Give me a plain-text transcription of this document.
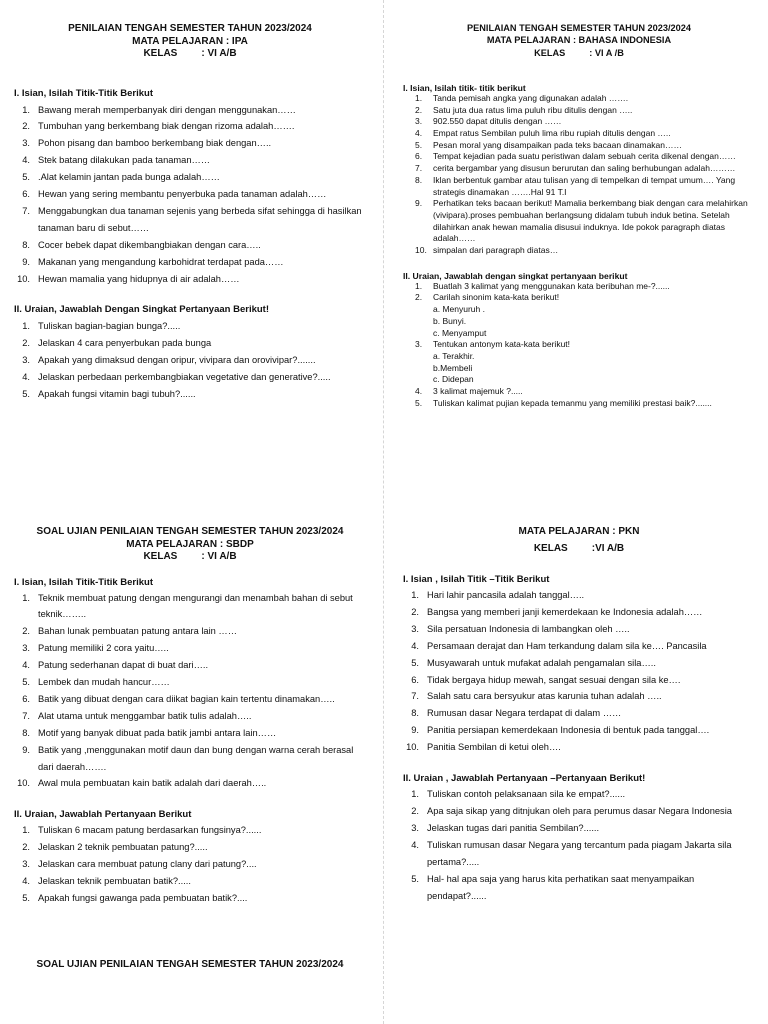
PENILAIAN TENGAH SEMESTER TAHUN 2023/2024
MATA PELAJARAN : IPA
KELAS : VI A/B

I. Isian, Isilah Titik-Titik Berikut

1. Bawang merah memperbanyak diri dengan menggunakan……
2. Tumbuhan yang berkembang biak dengan rizoma adalah…….
3. Pohon pisang dan bamboo berkembang biak dengan…..
4. Stek batang dilakukan pada tanaman……
5. .Alat kelamin jantan pada bunga adalah……
6. Hewan yang sering membantu penyerbuka pada tanaman adalah……
7. Menggabungkan dua tanaman sejenis yang berbeda sifat sehingga di hasilkan tanaman baru di sebut……
8. Cocer bebek dapat dikembangbiakan dengan cara…..
9. Makanan yang mengandung karbohidrat terdapat pada……
10. Hewan mamalia yang hidupnya di air adalah……

II. Uraian, Jawablah Dengan Singkat Pertanyaan Berikut!

1. Tuliskan bagian-bagian bunga?.....
2. Jelaskan 4 cara penyerbukan pada bunga
3. Apakah yang dimaksud dengan oripur, vivipara dan orovivipar?.......
4. Jelaskan perbedaan perkembangbiakan vegetative dan generative?.....
5. Apakah fungsi vitamin bagi tubuh?......
PENILAIAN TENGAH SEMESTER TAHUN 2023/2024
MATA PELAJARAN : BAHASA INDONESIA
KELAS	: VI A /B

I. Isian, Isilah titik- titik berikut

1. Tanda pemisah angka yang digunakan adalah …….
2. Satu juta dua ratus lima puluh ribu ditulis dengan …..
3. 902.550 dapat ditulis dengan ……
4. Empat ratus Sembilan puluh lima ribu rupiah ditulis dengan …..
5. Pesan moral yang disampaikan pada teks bacaan dinamakan……
6. Tempat kejadian pada suatu peristiwan dalam sebuah cerita dikenal dengan……
7. cerita bergambar yang disusun berurutan dan saling berhubungan adalah………
8. Iklan berbentuk gambar atau tulisan yang di tempelkan di tempat umum…. Yang strategis dinamakan …….Hal 91 T.I
9. Perhatikan teks bacaan berikut! Mamalia berkembang biak dengan cara melahirkan (vivipara).proses pembuahan berlangsung didalam tubuh induk betina. Setelah dilahirkan anak hewan mamalia disusui induknya. Ide pokok paragraph diatas adalah……
10. simpalan dari paragraph diatas…

II. Uraian, Jawablah dengan singkat pertanyaan berikut

1. Buatlah 3 kalimat yang menggunakan kata beribuhan me-?......
2. Carilah sinonim kata-kata berikut!
a. Menyuruh .
b. Bunyi.
c. Menyamput
3. Tentukan antonym kata-kata berikut!
a. Terakhir.
b.Membeli
c. Didepan
4. 3 kalimat majemuk ?.....
5. Tuliskan kalimat pujian kepada temanmu yang memiliki prestasi baik?.......
SOAL UJIAN PENILAIAN TENGAH SEMESTER TAHUN 2023/2024
MATA PELAJARAN : SBDP
KELAS : VI A/B

I. Isian, Isilah Titik-Titik Berikut

1. Teknik membuat patung dengan mengurangi dan menambah bahan di sebut teknik……..
2. Bahan lunak pembuatan patung antara lain ……
3. Patung memiliki 2 cora yaitu…..
4. Patung sederhanan dapat di buat dari…..
5. Lembek dan mudah hancur……
6. Batik yang dibuat dengan cara diikat bagian kain tertentu dinamakan…..
7. Alat utama untuk menggambar batik tulis adalah…..
8. Motif yang banyak dibuat pada batik jambi antara lain……
9. Batik yang ,menggunakan motif daun dan bung dengan warna cerah berasal dari daerah…….
10. Awal mula pembuatan kain batik adalah dari daerah…..

II. Uraian, Jawablah Pertanyaan Berikut

1. Tuliskan 6 macam patung berdasarkan fungsinya?......
2. Jelaskan 2 teknik pembuatan patung?.....
3. Jelaskan cara membuat patung clany dari patung?....
4. Jelaskan teknik pembuatan batik?.....
5. Apakah fungsi gawanga pada pembuatan batik?....
MATA PELAJARAN : PKN
KELAS :VI A/B

I. Isian , Isilah Titik –Titik Berikut

1. Hari lahir pancasila adalah tanggal…..
2. Bangsa yang memberi janji kemerdekaan ke Indonesia adalah……
3. Sila persatuan Indonesia di lambangkan oleh …..
4. Persamaan derajat dan Ham terkandung dalam sila ke…. Pancasila
5. Musyawarah untuk mufakat adalah pengamalan sila…..
6. Tidak bergaya hidup mewah, sangat sesuai dengan sila ke….
7. Salah satu cara bersyukur atas karunia tuhan adalah …..
8. Rumusan dasar Negara terdapat di dalam ……
9. Panitia persiapan kemerdekaan Indonesia di bentuk pada tanggal….
10. Panitia Sembilan di ketui oleh….

II. Uraian , Jawablah Pertanyaan –Pertanyaan Berikut!

1. Tuliskan contoh pelaksanaan sila ke empat?......
2. Apa saja sikap yang ditnjukan oleh para perumus dasar Negara Indonesia
3. Jelaskan tugas dari panitia Sembilan?......
4. Tuliskan rumusan dasar Negara yang tercantum pada piagam Jakarta sila pertama?.....
5. Hal- hal apa saja yang harus kita perhatikan saat menyampaikan pendapat?......
SOAL UJIAN PENILAIAN TENGAH SEMESTER TAHUN 2023/2024
